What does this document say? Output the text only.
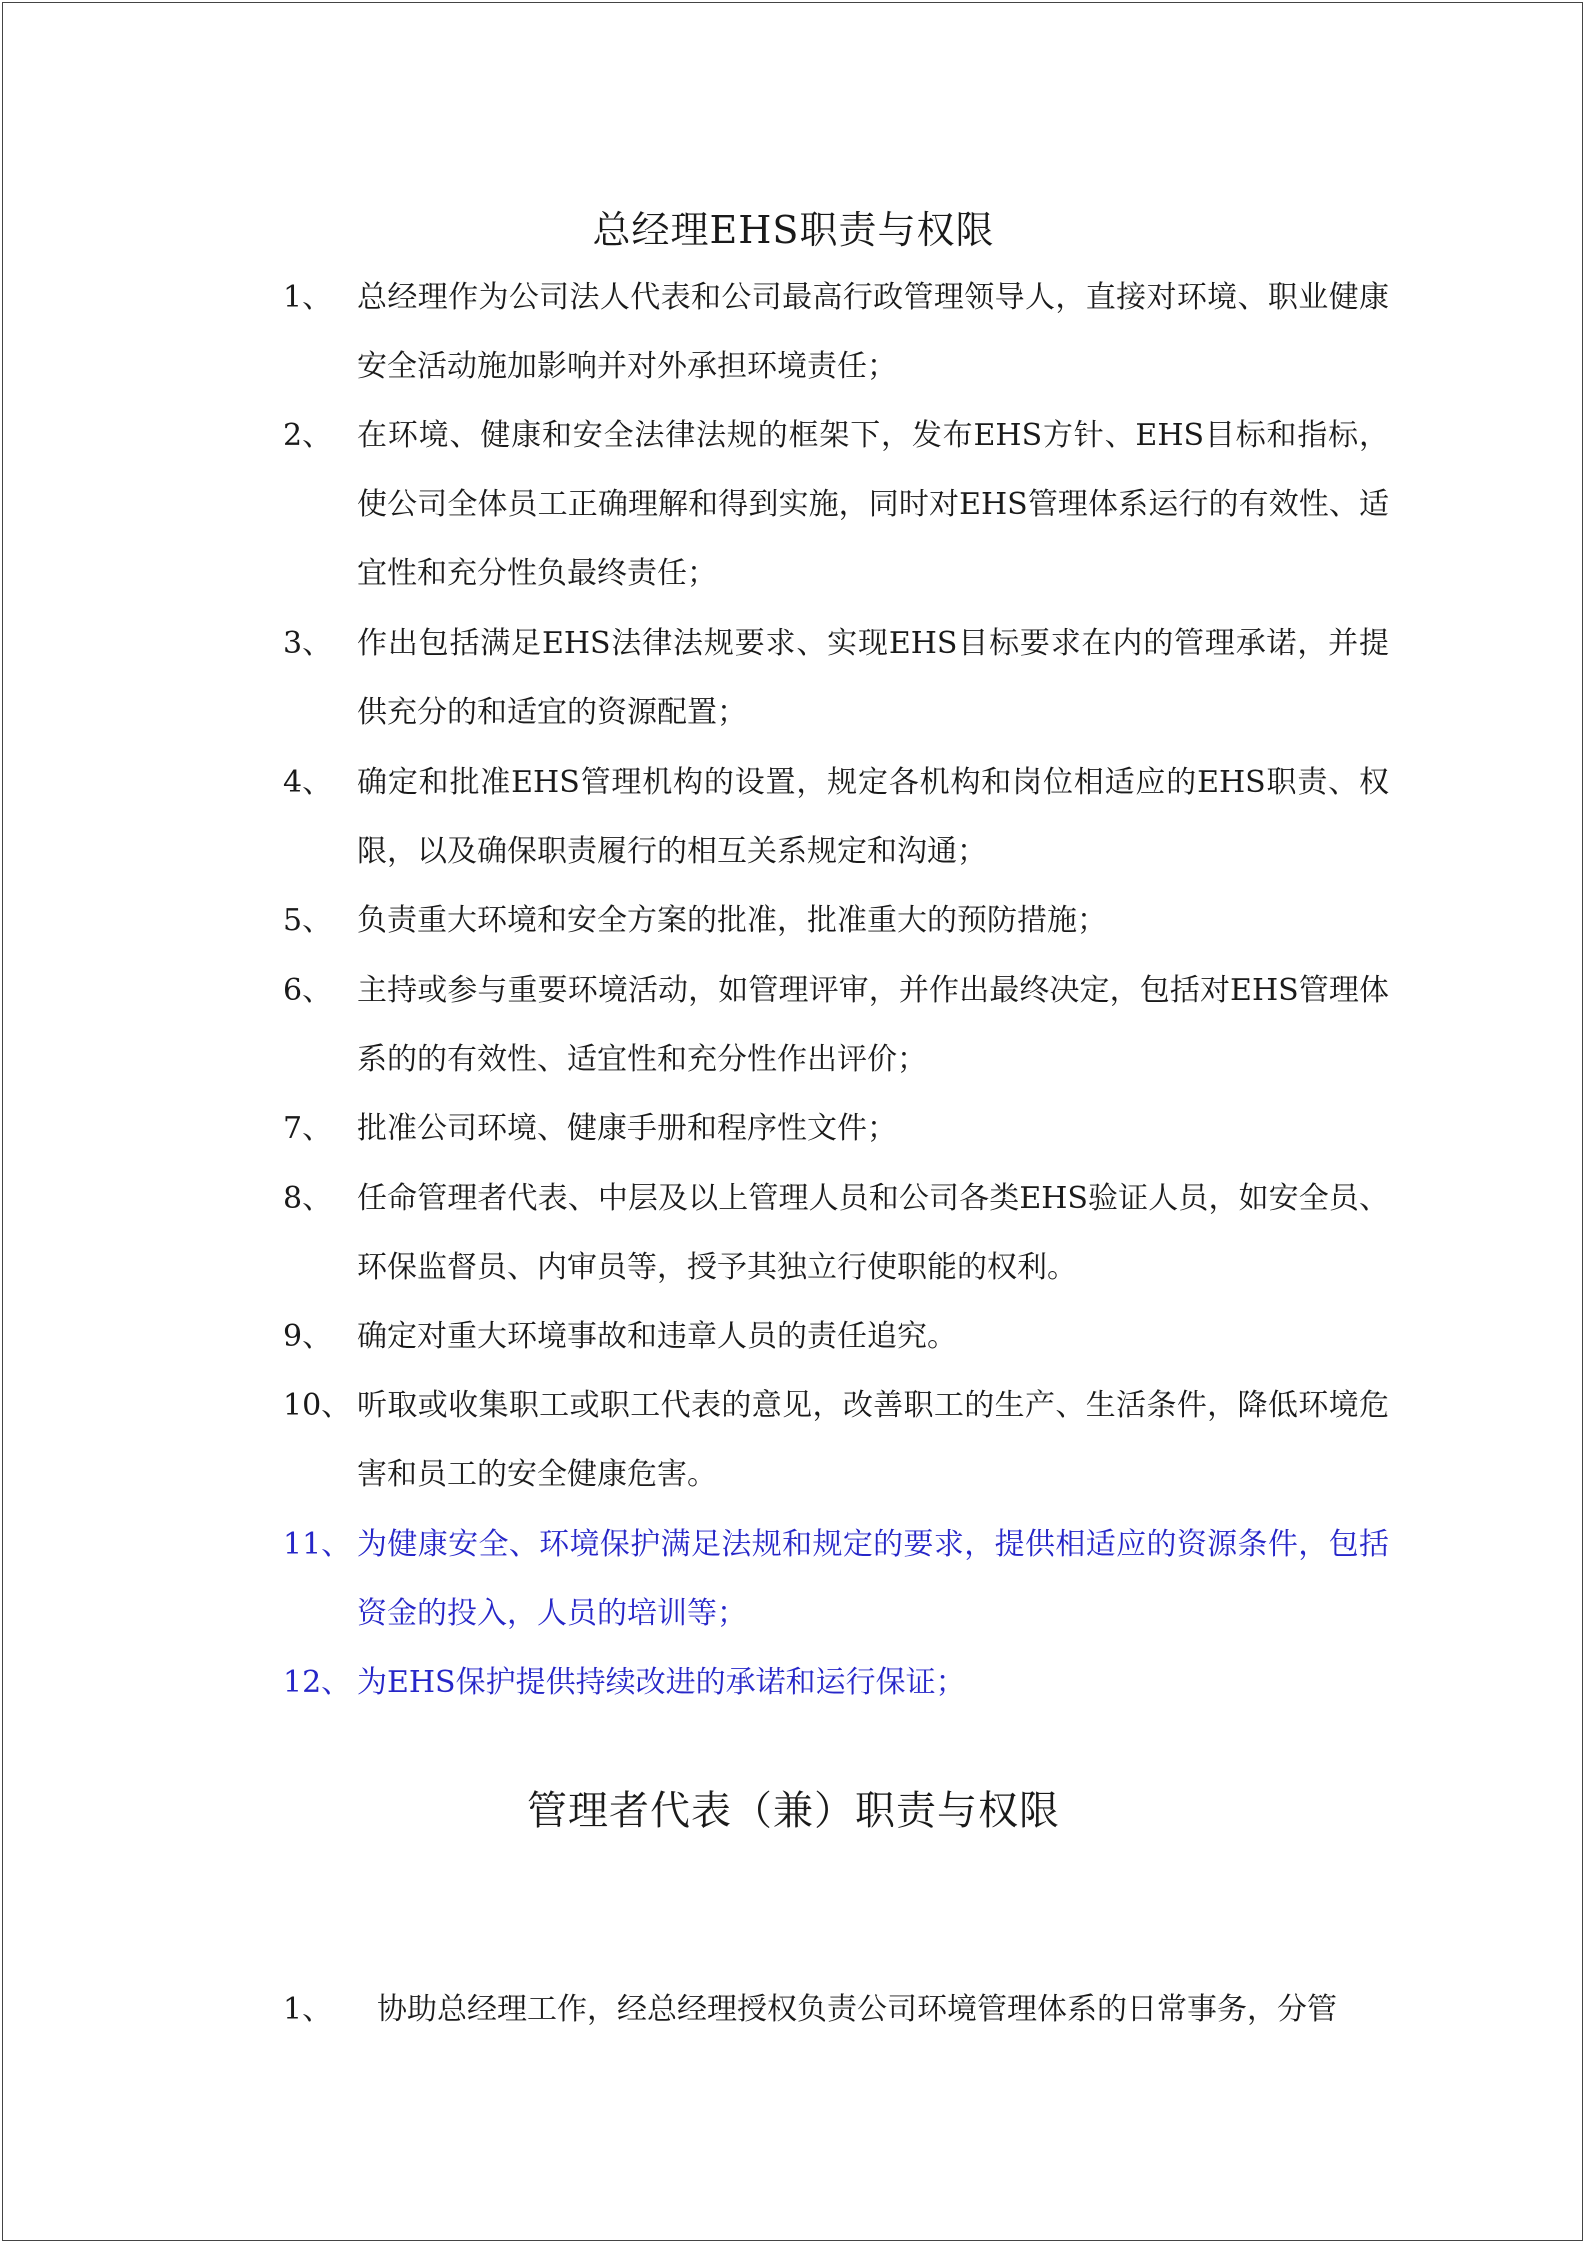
总经理EHS职责与权限
1、 总经理作为公司法人代表和公司最高行政管理领导人，直接对环境、职业健康安全活动施加影响并对外承担环境责任；
2、 在环境、健康和安全法律法规的框架下，发布EHS方针、EHS目标和指标，使公司全体员工正确理解和得到实施，同时对EHS管理体系运行的有效性、适宜性和充分性负最终责任；
3、 作出包括满足EHS法律法规要求、实现EHS目标要求在内的管理承诺，并提供充分的和适宜的资源配置；
4、 确定和批准EHS管理机构的设置，规定各机构和岗位相适应的EHS职责、权限，以及确保职责履行的相互关系规定和沟通；
5、 负责重大环境和安全方案的批准，批准重大的预防措施；
6、 主持或参与重要环境活动，如管理评审，并作出最终决定，包括对EHS管理体系的的有效性、适宜性和充分性作出评价；
7、 批准公司环境、健康手册和程序性文件；
8、 任命管理者代表、中层及以上管理人员和公司各类EHS验证人员，如安全员、环保监督员、内审员等，授予其独立行使职能的权利。
9、 确定对重大环境事故和违章人员的责任追究。
10、 听取或收集职工或职工代表的意见，改善职工的生产、生活条件，降低环境危害和员工的安全健康危害。
11、 为健康安全、环境保护满足法规和规定的要求，提供相适应的资源条件，包括资金的投入，人员的培训等；
12、 为EHS保护提供持续改进的承诺和运行保证；
管理者代表（兼）职责与权限
1、 协助总经理工作，经总经理授权负责公司环境管理体系的日常事务，分管
